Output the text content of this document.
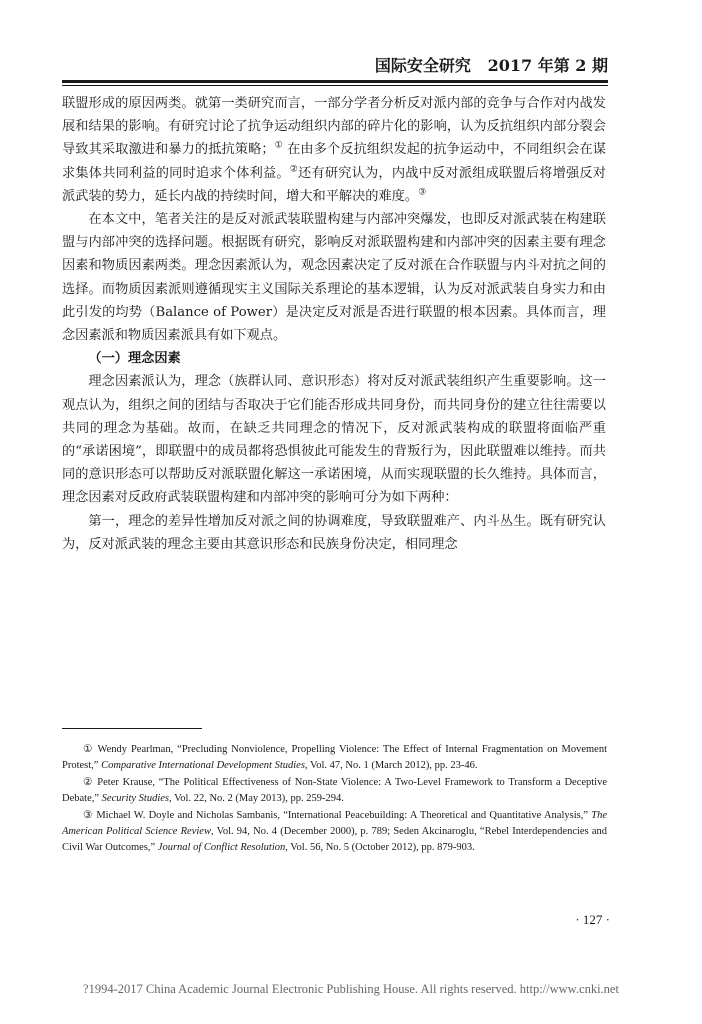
国际安全研究 2017 年第 2 期

联盟形成的原因两类。就第一类研究而言，一部分学者分析反对派内部的竞争与合作对内战发展和结果的影响。有研究讨论了抗争运动组织内部的碎片化的影响，认为反抗组织内部分裂会导致其采取激进和暴力的抵抗策略；① 在由多个反抗组织发起的抗争运动中，不同组织会在谋求集体共同利益的同时追求个体利益。②还有研究认为，内战中反对派组成联盟后将增强反对派武装的势力，延长内战的持续时间，增大和平解决的难度。③

在本文中，笔者关注的是反对派武装联盟构建与内部冲突爆发，也即反对派武装在构建联盟与内部冲突的选择问题。根据既有研究，影响反对派联盟构建和内部冲突的因素主要有理念因素和物质因素两类。理念因素派认为，观念因素决定了反对派在合作联盟与内斗对抗之间的选择。而物质因素派则遵循现实主义国际关系理论的基本逻辑，认为反对派武装自身实力和由此引发的均势（Balance of Power）是决定反对派是否进行联盟的根本因素。具体而言，理念因素派和物质因素派具有如下观点。

（一）理念因素

理念因素派认为，理念（族群认同、意识形态）将对反对派武装组织产生重要影响。这一观点认为，组织之间的团结与否取决于它们能否形成共同身份，而共同身份的建立往往需要以共同的理念为基础。故而，在缺乏共同理念的情况下，反对派武装构成的联盟将面临严重的“承诺困境”，即联盟中的成员都将恐惧彼此可能发生的背叛行为，因此联盟难以维持。而共同的意识形态可以帮助反对派联盟化解这一承诺困境，从而实现联盟的长久维持。具体而言，理念因素对反政府武装联盟构建和内部冲突的影响可分为如下两种：

第一，理念的差异性增加反对派之间的协调难度，导致联盟难产、内斗丛生。既有研究认为，反对派武装的理念主要由其意识形态和民族身份决定，相同理念

① Wendy Pearlman, “Precluding Nonviolence, Propelling Violence: The Effect of Internal Fragmentation on Movement Protest,” Comparative International Development Studies, Vol. 47, No. 1 (March 2012), pp. 23-46.

② Peter Krause, “The Political Effectiveness of Non-State Violence: A Two-Level Framework to Transform a Deceptive Debate,” Security Studies, Vol. 22, No. 2 (May 2013), pp. 259-294.

③ Michael W. Doyle and Nicholas Sambanis, “International Peacebuilding: A Theoretical and Quantitative Analysis,” The American Political Science Review, Vol. 94, No. 4 (December 2000), p. 789; Seden Akcinaroglu, “Rebel Interdependencies and Civil War Outcomes,” Journal of Conflict Resolution, Vol. 56, No. 5 (October 2012), pp. 879-903.

· 127 ·
?1994-2017 China Academic Journal Electronic Publishing House. All rights reserved. http://www.cnki.net
